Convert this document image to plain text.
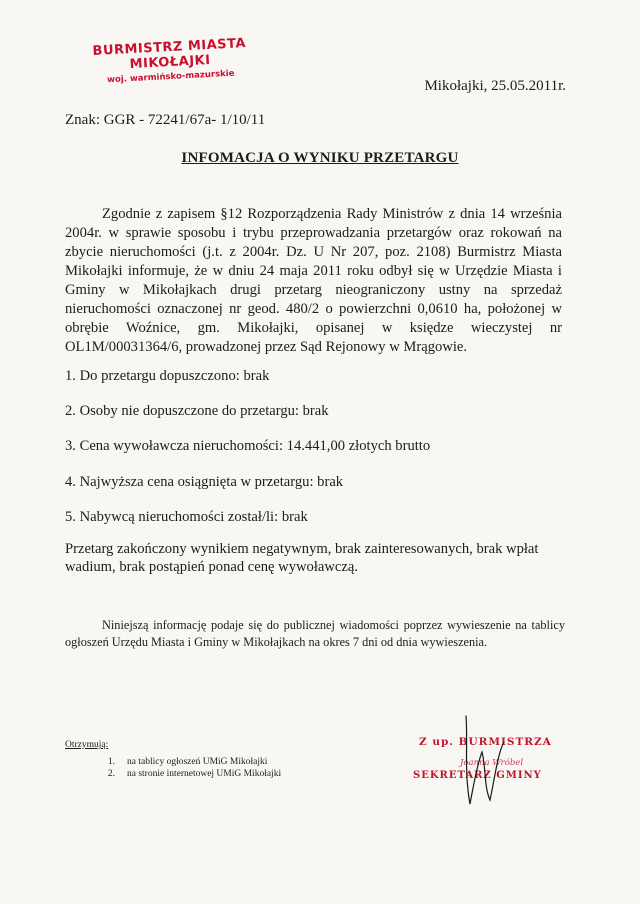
BURMISTRZ MIASTA MIKOŁAJKI
woj. warmińsko-mazurskie
Mikołajki, 25.05.2011r.
Znak: GGR - 72241/67a- 1/10/11
INFOMACJA O WYNIKU PRZETARGU

Zgodnie z zapisem §12 Rozporządzenia Rady Ministrów z dnia 14 września 2004r. w sprawie sposobu i trybu przeprowadzania przetargów oraz rokowań na zbycie nieruchomości (j.t. z 2004r. Dz. U Nr 207, poz. 2108) Burmistrz Miasta Mikołajki informuje, że w dniu 24 maja 2011 roku odbył się w Urzędzie Miasta i Gminy w Mikołajkach drugi przetarg nieograniczony ustny na sprzedaż nieruchomości oznaczonej nr geod. 480/2 o powierzchni 0,0610 ha, położonej w obrębie Woźnice, gm. Mikołajki, opisanej w księdze wieczystej nr OL1M/00031364/6, prowadzonej przez Sąd Rejonowy w Mrągowie.

1. Do przetargu dopuszczono: brak
2. Osoby nie dopuszczone do przetargu: brak
3. Cena wywoławcza nieruchomości: 14.441,00 złotych brutto
4. Najwyższa cena osiągnięta w przetargu: brak
5. Nabywcą nieruchomości został/li: brak

Przetarg zakończony wynikiem negatywnym, brak zainteresowanych, brak wpłat wadium, brak postąpień ponad cenę wywoławczą.

Niniejszą informację podaje się do publicznej wiadomości poprzez wywieszenie na tablicy ogłoszeń Urzędu Miasta i Gminy w Mikołajkach na okres 7 dni od dnia wywieszenia.

Otrzymują:
1.	na tablicy ogłoszeń UMiG Mikołajki
2.	na stronie internetowej UMiG Mikołajki
Z up. BURMISTRZA
Joanna Wróbel
SEKRETARZ GMINY
